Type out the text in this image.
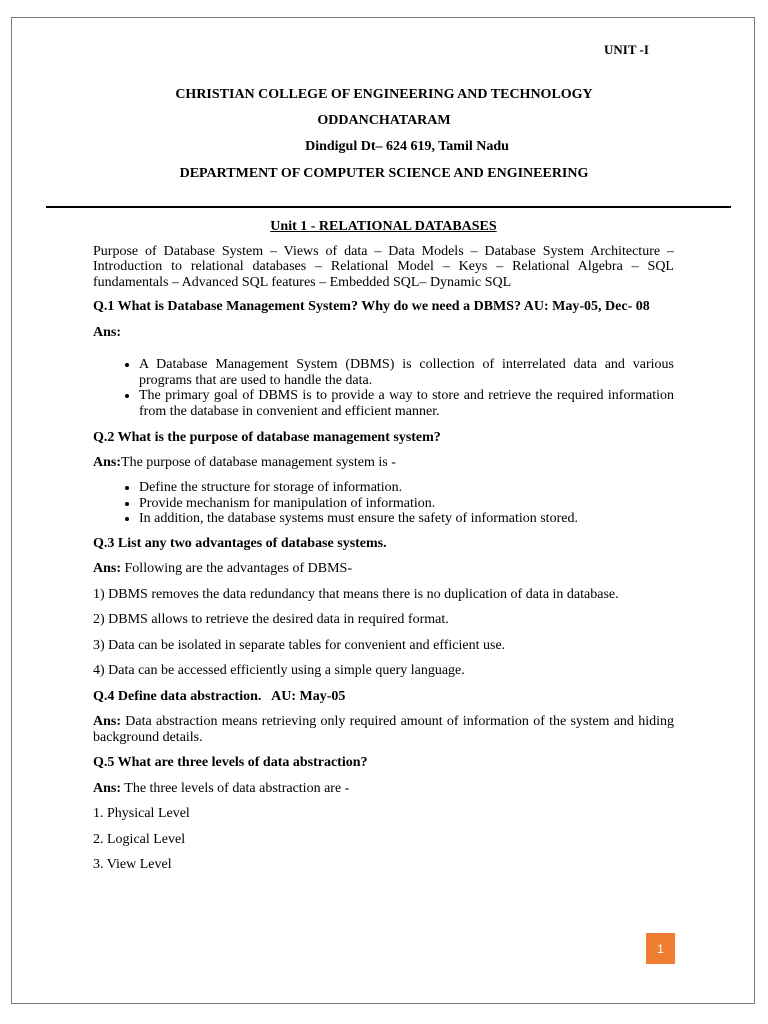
UNIT -I
CHRISTIAN COLLEGE OF ENGINEERING AND TECHNOLOGY
ODDANCHATARAM
Dindigul Dt– 624 619, Tamil Nadu
DEPARTMENT OF COMPUTER SCIENCE AND ENGINEERING
Unit 1 - RELATIONAL DATABASES
Purpose of Database System – Views of data – Data Models – Database System Architecture – Introduction to relational databases – Relational Model – Keys – Relational Algebra – SQL fundamentals – Advanced SQL features – Embedded SQL– Dynamic SQL
Q.1 What is Database Management System? Why do we need a DBMS? AU: May-05, Dec- 08
Ans:
• A Database Management System (DBMS) is collection of interrelated data and various programs that are used to handle the data.
• The primary goal of DBMS is to provide a way to store and retrieve the required information from the database in convenient and efficient manner.
Q.2 What is the purpose of database management system?
Ans:The purpose of database management system is -
• Define the structure for storage of information.
• Provide mechanism for manipulation of information.
• In addition, the database systems must ensure the safety of information stored.
Q.3 List any two advantages of database systems.
Ans: Following are the advantages of DBMS-
1) DBMS removes the data redundancy that means there is no duplication of data in database.
2) DBMS allows to retrieve the desired data in required format.
3) Data can be isolated in separate tables for convenient and efficient use.
4) Data can be accessed efficiently using a simple query language.
Q.4 Define data abstraction.   AU: May-05
Ans: Data abstraction means retrieving only required amount of information of the system and hiding background details.
Q.5 What are three levels of data abstraction?
Ans: The three levels of data abstraction are -
1. Physical Level
2. Logical Level
3. View Level
1
